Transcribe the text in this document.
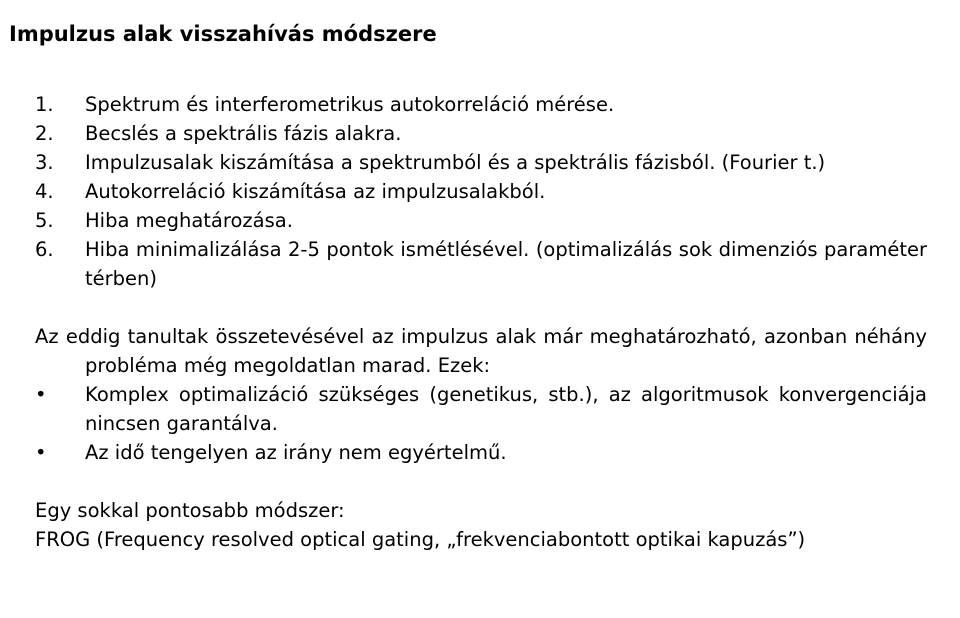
Impulzus alak visszahívás módszere
1.	Spektrum és interferometrikus autokorreláció mérése.
2.	Becslés a spektrális fázis alakra.
3.	Impulzusalak kiszámítása a spektrumból és a spektrális fázisból. (Fourier t.)
4.	Autokorreláció kiszámítása az impulzusalakból.
5.	Hiba meghatározása.
6.	Hiba minimalizálása 2-5 pontok ismétlésével. (optimalizálás sok dimenziós paraméter térben)

Az eddig tanultak összetevésével az impulzus alak már meghatározható, azonban néhány probléma még megoldatlan marad. Ezek:

•	Komplex optimalizáció szükséges (genetikus, stb.), az algoritmusok konvergenciája nincsen garantálva.
•	Az idő tengelyen az irány nem egyértelmű.

Egy sokkal pontosabb módszer:

FROG (Frequency resolved optical gating, „frekvenciabontott optikai kapuzás”)
